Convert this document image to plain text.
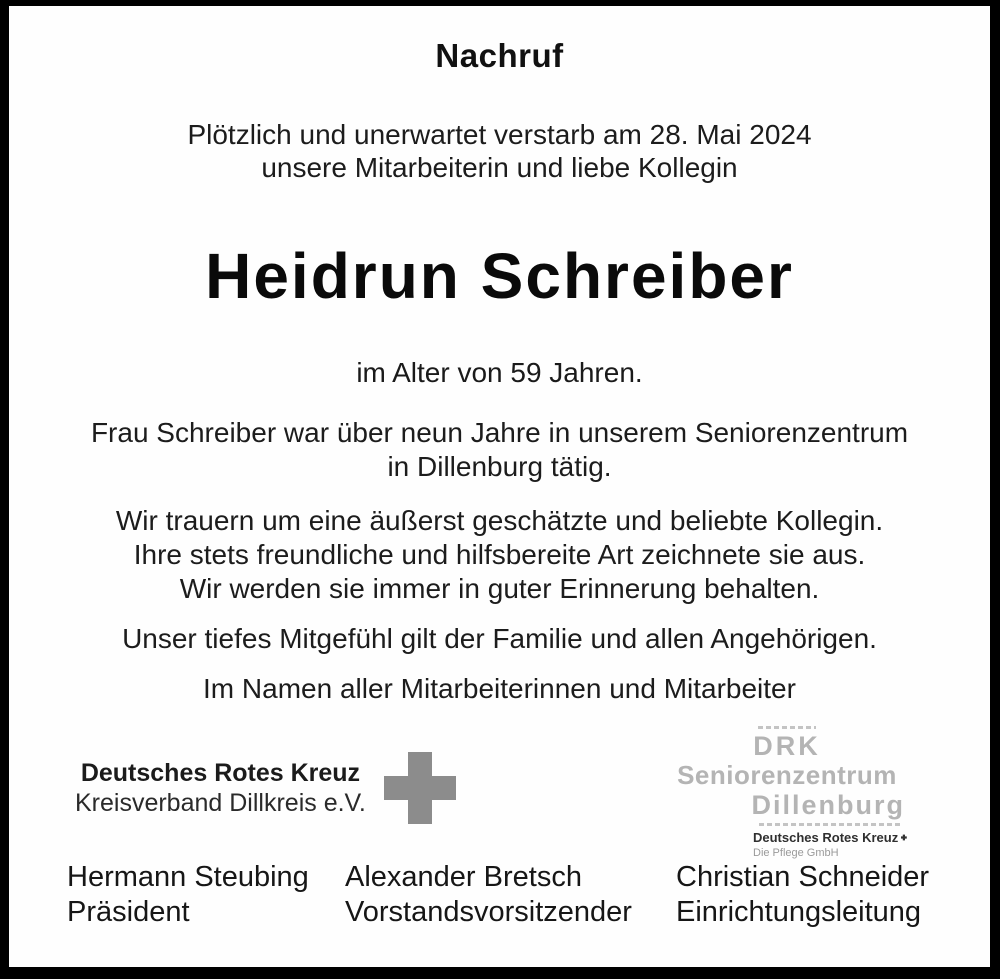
Nachruf
Plötzlich und unerwartet verstarb am 28. Mai 2024
unsere Mitarbeiterin und liebe Kollegin
Heidrun Schreiber
im Alter von 59 Jahren.
Frau Schreiber war über neun Jahre in unserem Seniorenzentrum
in Dillenburg tätig.
Wir trauern um eine äußerst geschätzte und beliebte Kollegin.
Ihre stets freundliche und hilfsbereite Art zeichnete sie aus.
Wir werden sie immer in guter Erinnerung behalten.
Unser tiefes Mitgefühl gilt der Familie und allen Angehörigen.
Im Namen aller Mitarbeiterinnen und Mitarbeiter
Deutsches Rotes Kreuz
Kreisverband Dillkreis e.V.
DRK
Seniorenzentrum
Dillenburg
Deutsches Rotes Kreuz
Die Pflege GmbH
Hermann Steubing
Präsident
Alexander Bretsch
Vorstandsvorsitzender
Christian Schneider
Einrichtungsleitung
